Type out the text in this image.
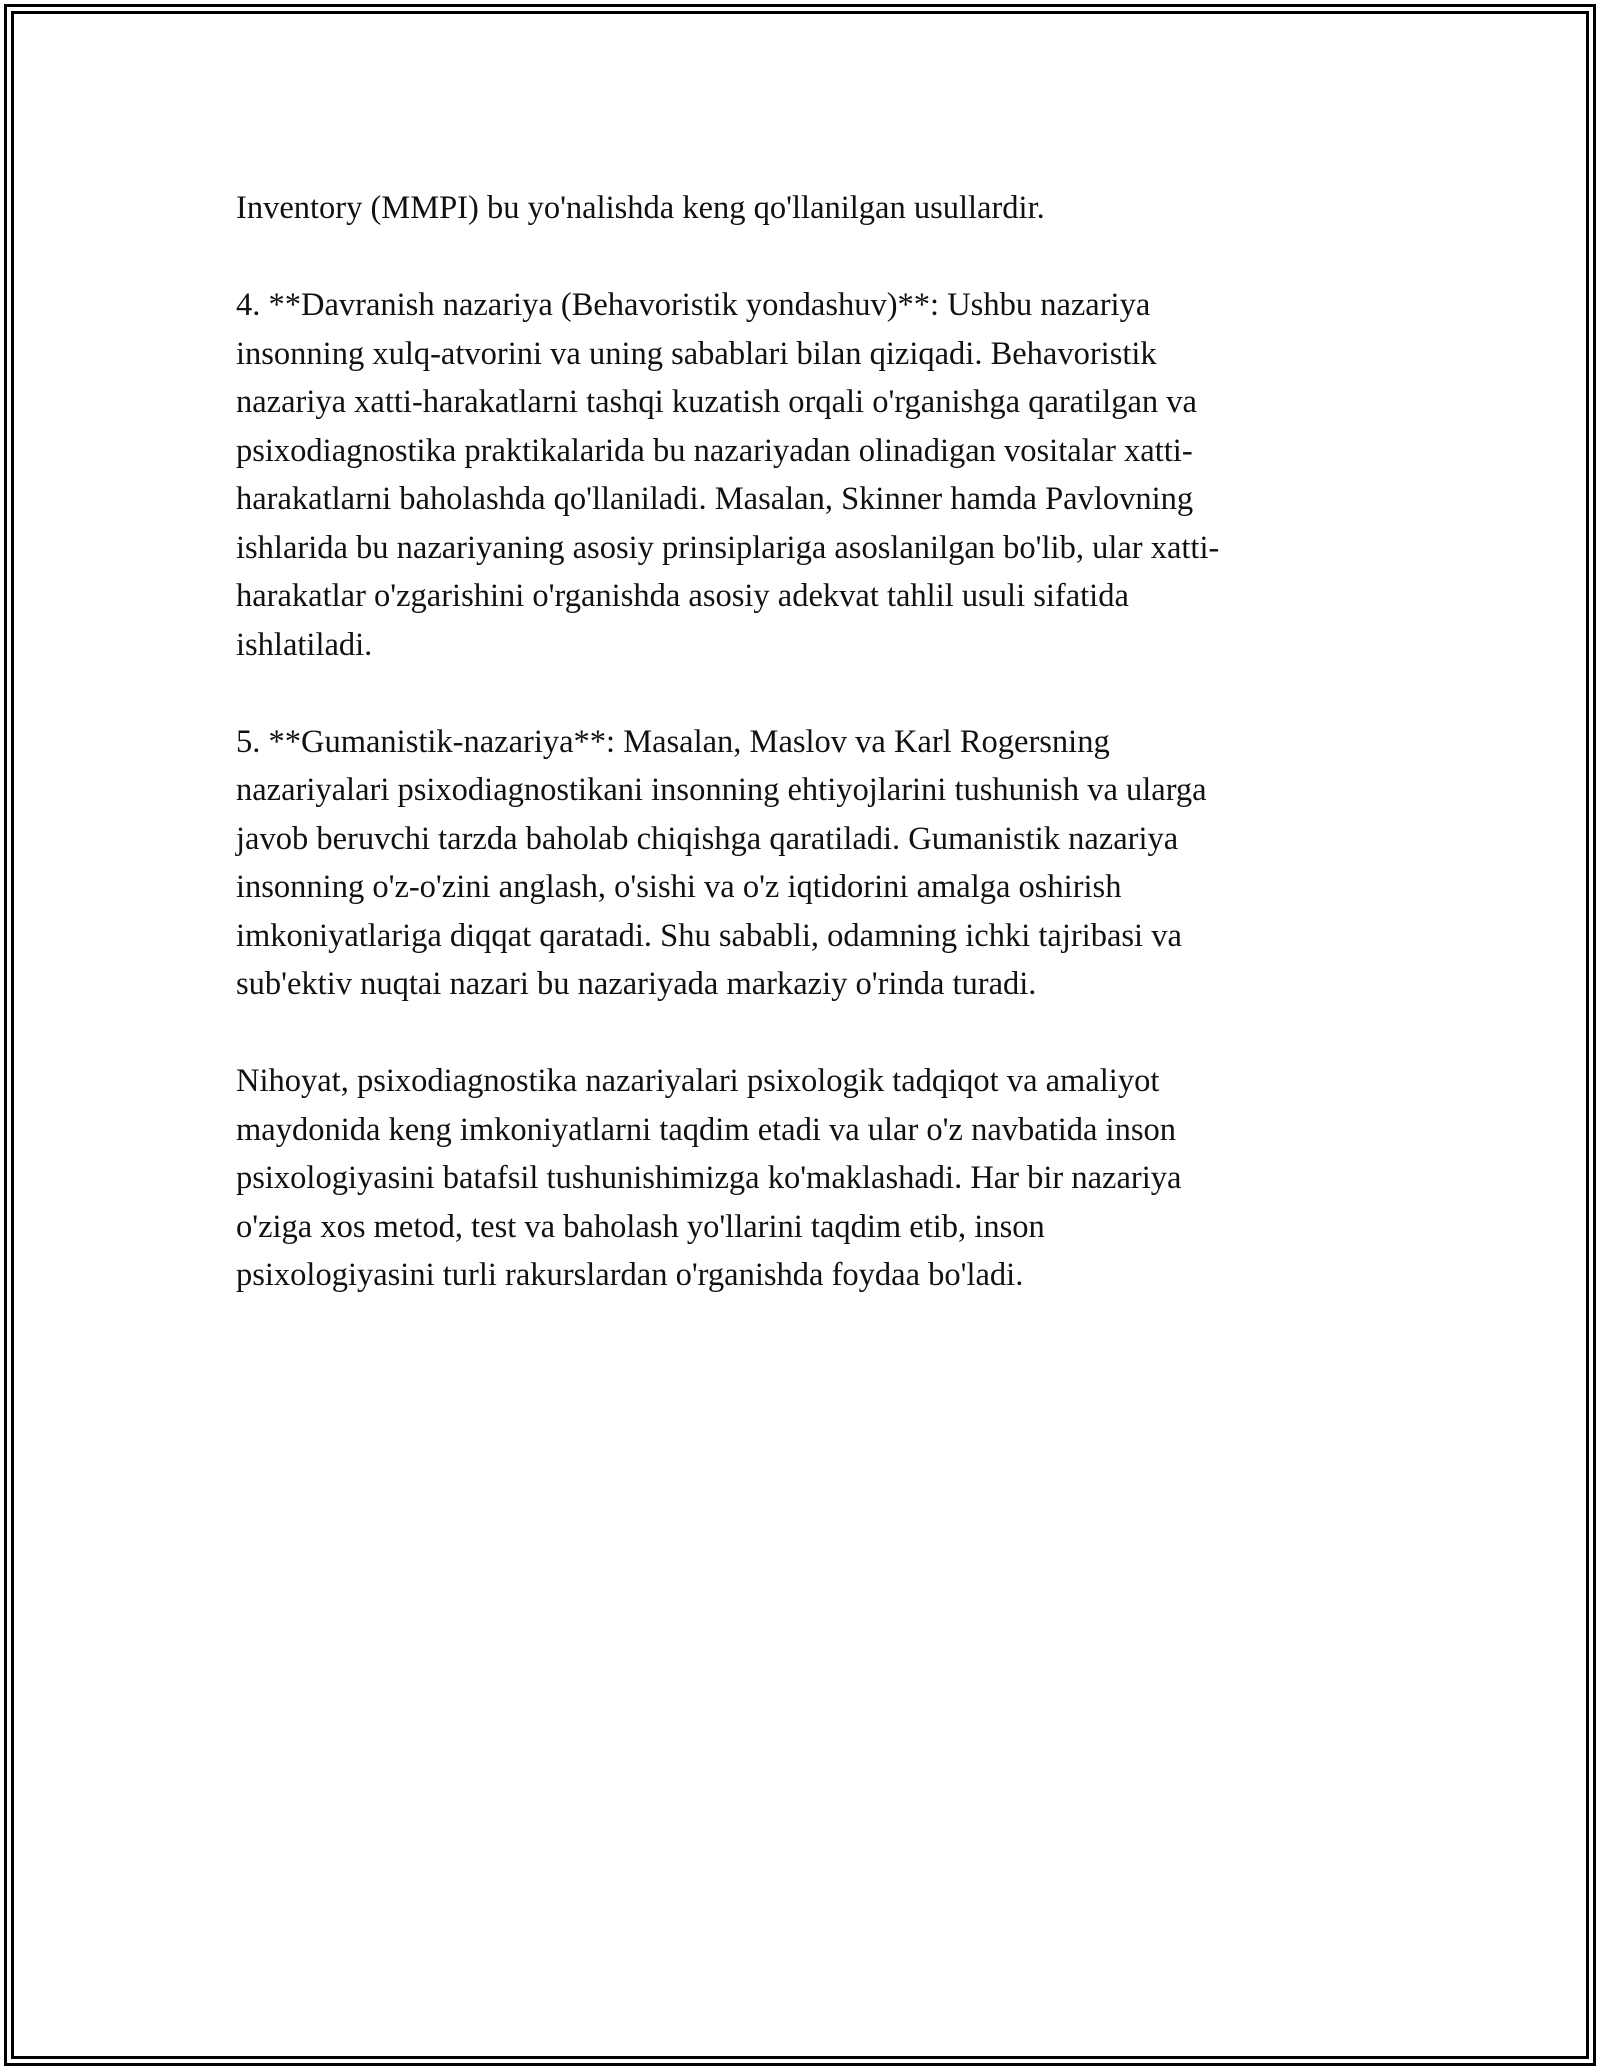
Inventory (MMPI) bu yo'nalishda keng qo'llanilgan usullardir.

4. **Davranish nazariya (Behavoristik yondashuv)**: Ushbu nazariya
insonning xulq-atvorini va uning sabablari bilan qiziqadi. Behavoristik
nazariya xatti-harakatlarni tashqi kuzatish orqali o'rganishga qaratilgan va
psixodiagnostika praktikalarida bu nazariyadan olinadigan vositalar xatti-
harakatlarni baholashda qo'llaniladi. Masalan, Skinner hamda Pavlovning
ishlarida bu nazariyaning asosiy prinsiplariga asoslanilgan bo'lib, ular xatti-
harakatlar o'zgarishini o'rganishda asosiy adekvat tahlil usuli sifatida
ishlatiladi.

5. **Gumanistik-nazariya**: Masalan, Maslov va Karl Rogersning
nazariyalari psixodiagnostikani insonning ehtiyojlarini tushunish va ularga
javob beruvchi tarzda baholab chiqishga qaratiladi. Gumanistik nazariya
insonning o'z-o'zini anglash, o'sishi va o'z iqtidorini amalga oshirish
imkoniyatlariga diqqat qaratadi. Shu sababli, odamning ichki tajribasi va
sub'ektiv nuqtai nazari bu nazariyada markaziy o'rinda turadi.

Nihoyat, psixodiagnostika nazariyalari psixologik tadqiqot va amaliyot
maydonida keng imkoniyatlarni taqdim etadi va ular o'z navbatida inson
psixologiyasini batafsil tushunishimizga ko'maklashadi. Har bir nazariya
o'ziga xos metod, test va baholash yo'llarini taqdim etib, inson
psixologiyasini turli rakurslardan o'rganishda foydaa bo'ladi.
